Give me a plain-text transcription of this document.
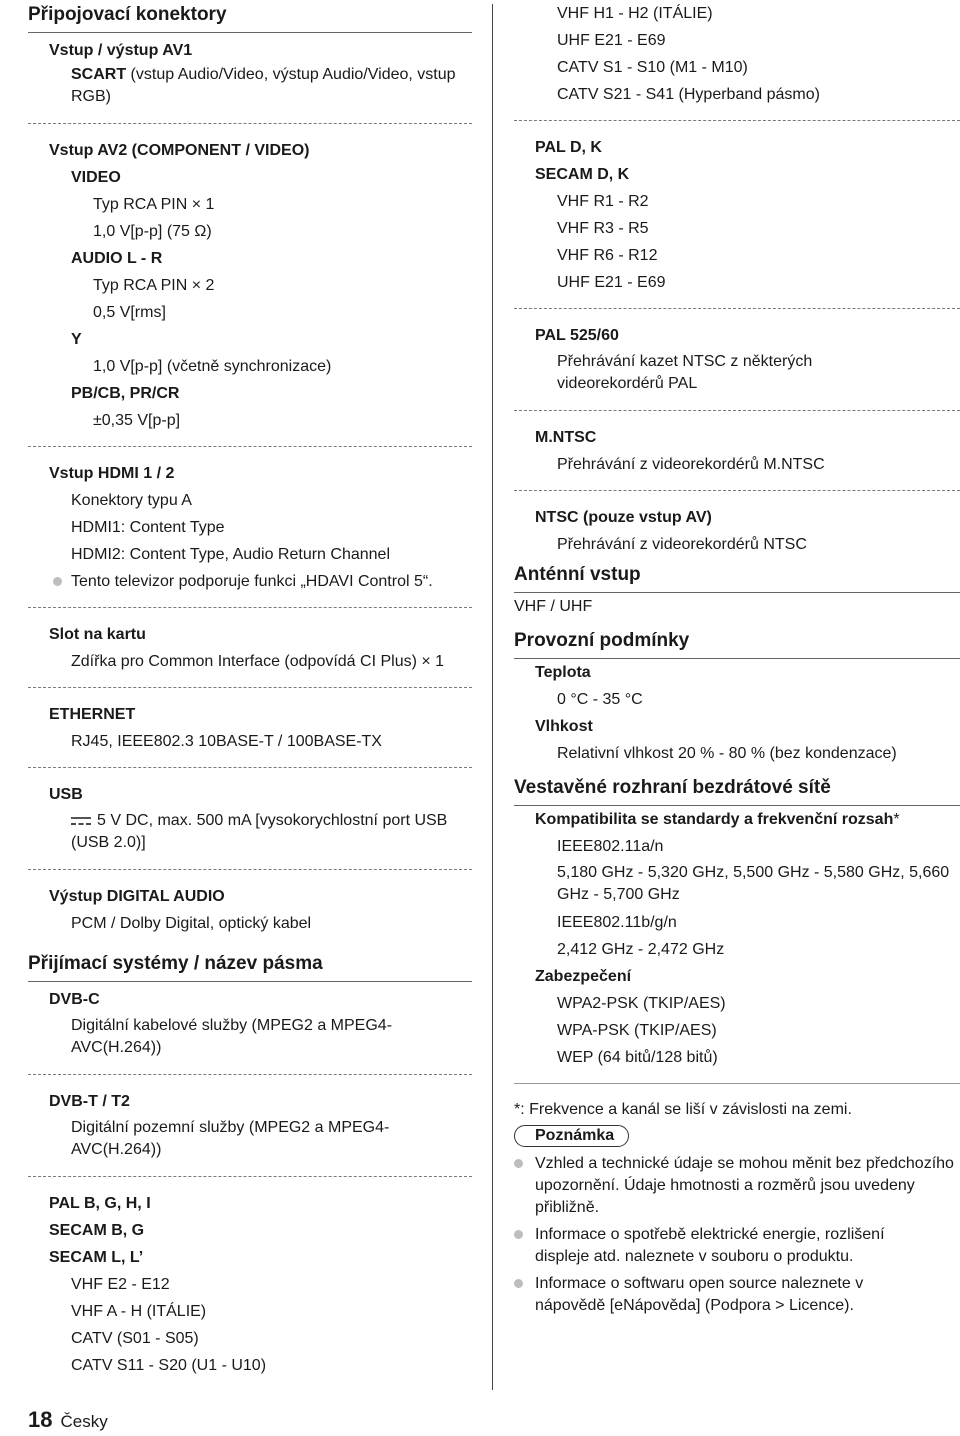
Připojovací konektory
Vstup / výstup AV1
SCART (vstup Audio/Video, výstup Audio/Video, vstup RGB)
Vstup AV2 (COMPONENT / VIDEO)
VIDEO
Typ RCA PIN × 1
1,0 V[p-p] (75 Ω)
AUDIO L - R
Typ RCA PIN × 2
0,5 V[rms]
Y
1,0 V[p-p] (včetně synchronizace)
PB/CB, PR/CR
±0,35 V[p-p]
Vstup HDMI 1 / 2
Konektory typu A
HDMI1: Content Type
HDMI2: Content Type, Audio Return Channel
Tento televizor podporuje funkci „HDAVI Control 5“.
Slot na kartu
Zdířka pro Common Interface (odpovídá CI Plus) × 1
ETHERNET
RJ45, IEEE802.3 10BASE-T / 100BASE-TX
USB
5 V DC, max. 500 mA [vysokorychlostní port USB (USB 2.0)]
Výstup DIGITAL AUDIO
PCM / Dolby Digital, optický kabel
Přijímací systémy / název pásma
DVB-C
Digitální kabelové služby (MPEG2 a MPEG4-AVC(H.264))
DVB-T / T2
Digitální pozemní služby (MPEG2 a MPEG4-AVC(H.264))
PAL B, G, H, I
SECAM B, G
SECAM L, L’
VHF E2 - E12
VHF A - H (ITÁLIE)
CATV (S01 - S05)
CATV S11 - S20 (U1 - U10)
18 Česky
VHF H1 - H2 (ITÁLIE)
UHF E21 - E69
CATV S1 - S10 (M1 - M10)
CATV S21 - S41 (Hyperband pásmo)
PAL D, K
SECAM D, K
VHF R1 - R2
VHF R3 - R5
VHF R6 - R12
UHF E21 - E69
PAL 525/60
Přehrávání kazet NTSC z některých videorekordérů PAL
M.NTSC
Přehrávání z videorekordérů M.NTSC
NTSC (pouze vstup AV)
Přehrávání z videorekordérů NTSC
Anténní vstup
VHF / UHF
Provozní podmínky
Teplota
0 °C - 35 °C
Vlhkost
Relativní vlhkost 20 % - 80 % (bez kondenzace)
Vestavěné rozhraní bezdrátové sítě
Kompatibilita se standardy a frekvenční rozsah*
IEEE802.11a/n
5,180 GHz - 5,320 GHz, 5,500 GHz - 5,580 GHz, 5,660 GHz - 5,700 GHz
IEEE802.11b/g/n
2,412 GHz - 2,472 GHz
Zabezpečení
WPA2-PSK (TKIP/AES)
WPA-PSK (TKIP/AES)
WEP (64 bitů/128 bitů)
*: Frekvence a kanál se liší v závislosti na zemi.
Poznámka
Vzhled a technické údaje se mohou měnit bez předchozího upozornění. Údaje hmotnosti a rozměrů jsou uvedeny přibližně.
Informace o spotřebě elektrické energie, rozlišení displeje atd. naleznete v souboru o produktu.
Informace o softwaru open source naleznete v nápovědě [eNápověda] (Podpora > Licence).
